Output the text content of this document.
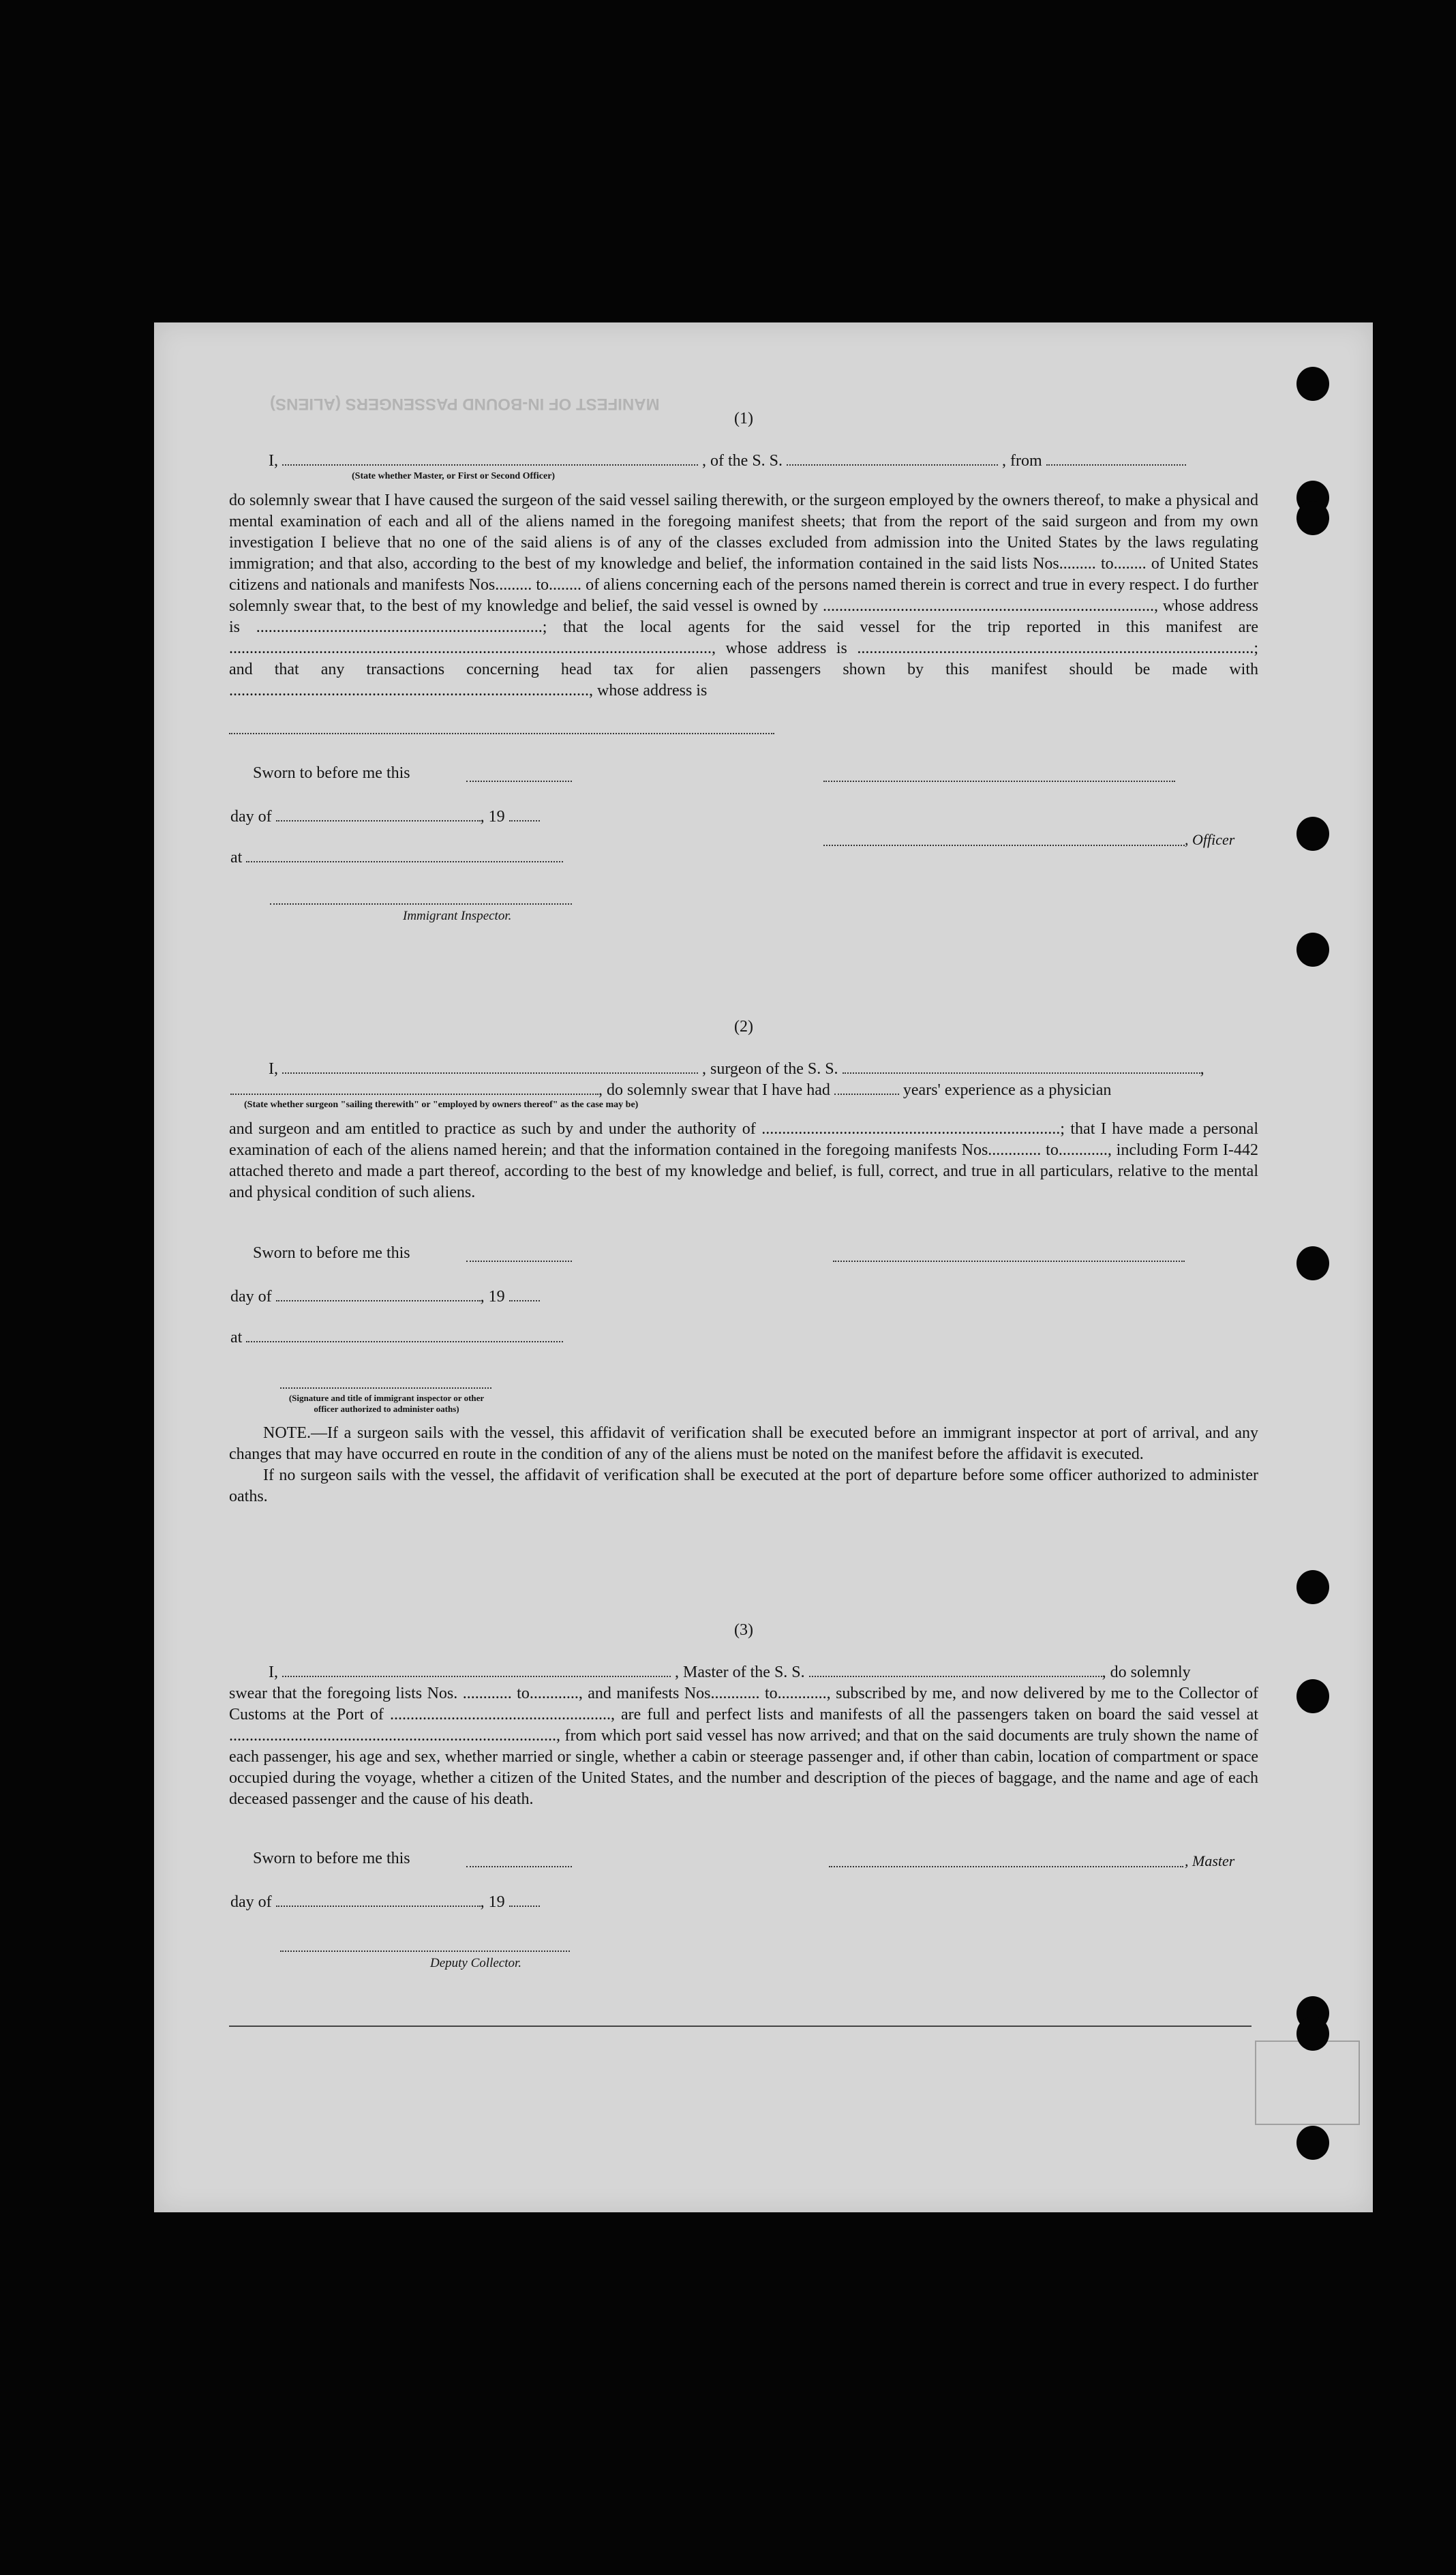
MANIFEST OF IN-BOUND PASSENGERS (ALIENS)
(1)
I,	, of the S. S.	, from
(State whether Master, or First or Second Officer)
do solemnly swear that I have caused the surgeon of the said vessel sailing therewith, or the surgeon employed by the owners thereof, to make a physical and mental examination of each and all of the aliens named in the foregoing manifest sheets; that from the report of the said surgeon and from my own investigation I believe that no one of the said aliens is of any of the classes excluded from admission into the United States by the laws regulating immigration; and that also, according to the best of my knowledge and belief, the information contained in the said lists Nos......... to........ of United States citizens and nationals and manifests Nos......... to........ of aliens concerning each of the persons named therein is correct and true in every respect. I do further solemnly swear that, to the best of my knowledge and belief, the said vessel is owned by ................................................................................., whose address is ......................................................................; that the local agents for the said vessel for the trip reported in this manifest are ......................................................................................................................, whose address is .................................................................................................; and that any transactions concerning head tax for alien passengers shown by this manifest should be made with ........................................................................................, whose address is
Sworn to before me this
day of	, 19
at
Immigrant Inspector.
, Officer
(2)
I,	, surgeon of the S. S.	,
, do solemnly swear that I have had	years' experience as a physician
(State whether surgeon "sailing therewith" or "employed by owners thereof" as the case may be)
and surgeon and am entitled to practice as such by and under the authority of .........................................................................; that I have made a personal examination of each of the aliens named herein; and that the information contained in the foregoing manifests Nos............. to............, including Form I-442 attached thereto and made a part thereof, according to the best of my knowledge and belief, is full, correct, and true in all particulars, relative to the mental and physical condition of such aliens.
Sworn to before me this
day of	, 19
at
(Signature and title of immigrant inspector or other officer authorized to administer oaths)
NOTE.—If a surgeon sails with the vessel, this affidavit of verification shall be executed before an immigrant inspector at port of arrival, and any changes that may have occurred en route in the condition of any of the aliens must be noted on the manifest before the affidavit is executed.
If no surgeon sails with the vessel, the affidavit of verification shall be executed at the port of departure before some officer authorized to administer oaths.
(3)
I,	, Master of the S. S.	, do solemnly
swear that the foregoing lists Nos. ............ to............, and manifests Nos............ to............, subscribed by me, and now delivered by me to the Collector of Customs at the Port of ......................................................, are full and perfect lists and manifests of all the passengers taken on board the said vessel at ................................................................................, from which port said vessel has now arrived; and that on the said documents are truly shown the name of each passenger, his age and sex, whether married or single, whether a cabin or steerage passenger and, if other than cabin, location of compartment or space occupied during the voyage, whether a citizen of the United States, and the number and description of the pieces of baggage, and the name and age of each deceased passenger and the cause of his death.
Sworn to before me this
day of	, 19
Deputy Collector.
, Master
